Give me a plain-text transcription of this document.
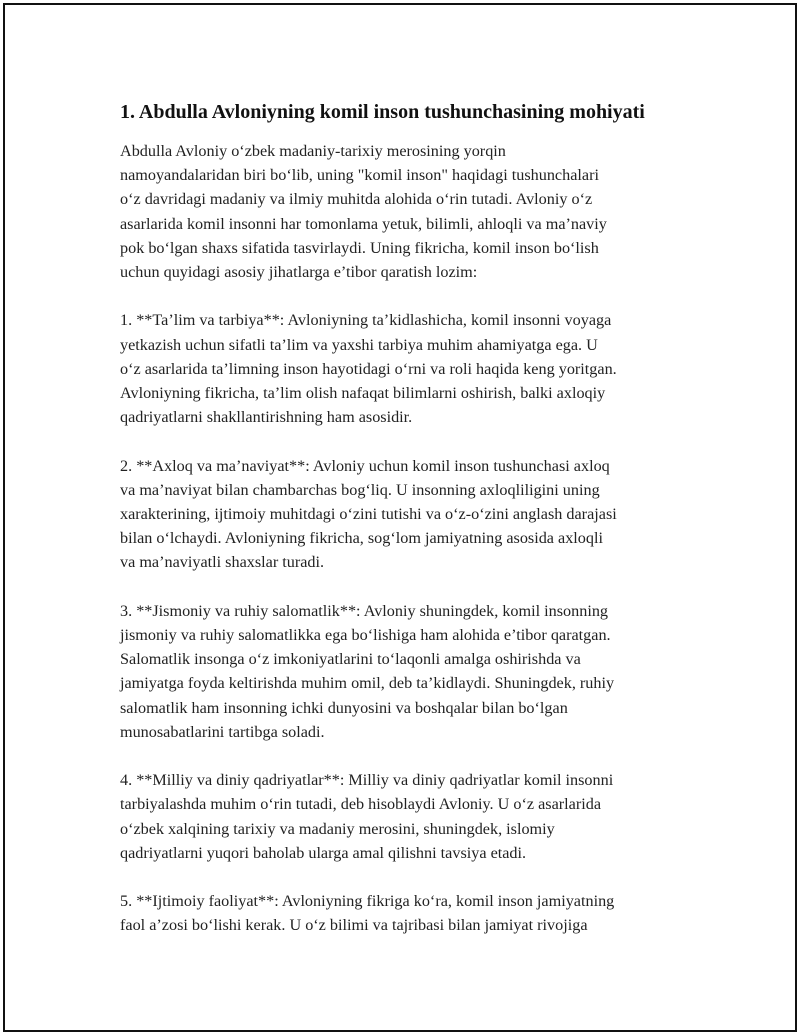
1. Abdulla Avloniyning komil inson tushunchasining mohiyati

Abdulla Avloniy o‘zbek madaniy-tarixiy merosining yorqin
namoyandalaridan biri bo‘lib, uning "komil inson" haqidagi tushunchalari
o‘z davridagi madaniy va ilmiy muhitda alohida o‘rin tutadi. Avloniy o‘z
asarlarida komil insonni har tomonlama yetuk, bilimli, ahloqli va ma’naviy
pok bo‘lgan shaxs sifatida tasvirlaydi. Uning fikricha, komil inson bo‘lish
uchun quyidagi asosiy jihatlarga e’tibor qaratish lozim:

1. **Ta’lim va tarbiya**: Avloniyning ta’kidlashicha, komil insonni voyaga
yetkazish uchun sifatli ta’lim va yaxshi tarbiya muhim ahamiyatga ega. U
o‘z asarlarida ta’limning inson hayotidagi o‘rni va roli haqida keng yoritgan.
Avloniyning fikricha, ta’lim olish nafaqat bilimlarni oshirish, balki axloqiy
qadriyatlarni shakllantirishning ham asosidir.

2. **Axloq va ma’naviyat**: Avloniy uchun komil inson tushunchasi axloq
va ma’naviyat bilan chambarchas bog‘liq. U insonning axloqliligini uning
xarakterining, ijtimoiy muhitdagi o‘zini tutishi va o‘z-o‘zini anglash darajasi
bilan o‘lchaydi. Avloniyning fikricha, sog‘lom jamiyatning asosida axloqli
va ma’naviyatli shaxslar turadi.

3. **Jismoniy va ruhiy salomatlik**: Avloniy shuningdek, komil insonning
jismoniy va ruhiy salomatlikka ega bo‘lishiga ham alohida e’tibor qaratgan.
Salomatlik insonga o‘z imkoniyatlarini to‘laqonli amalga oshirishda va
jamiyatga foyda keltirishda muhim omil, deb ta’kidlaydi. Shuningdek, ruhiy
salomatlik ham insonning ichki dunyosini va boshqalar bilan bo‘lgan
munosabatlarini tartibga soladi.

4. **Milliy va diniy qadriyatlar**: Milliy va diniy qadriyatlar komil insonni
tarbiyalashda muhim o‘rin tutadi, deb hisoblaydi Avloniy. U o‘z asarlarida
o‘zbek xalqining tarixiy va madaniy merosini, shuningdek, islomiy
qadriyatlarni yuqori baholab ularga amal qilishni tavsiya etadi.

5. **Ijtimoiy faoliyat**: Avloniyning fikriga ko‘ra, komil inson jamiyatning
faol a’zosi bo‘lishi kerak. U o‘z bilimi va tajribasi bilan jamiyat rivojiga
